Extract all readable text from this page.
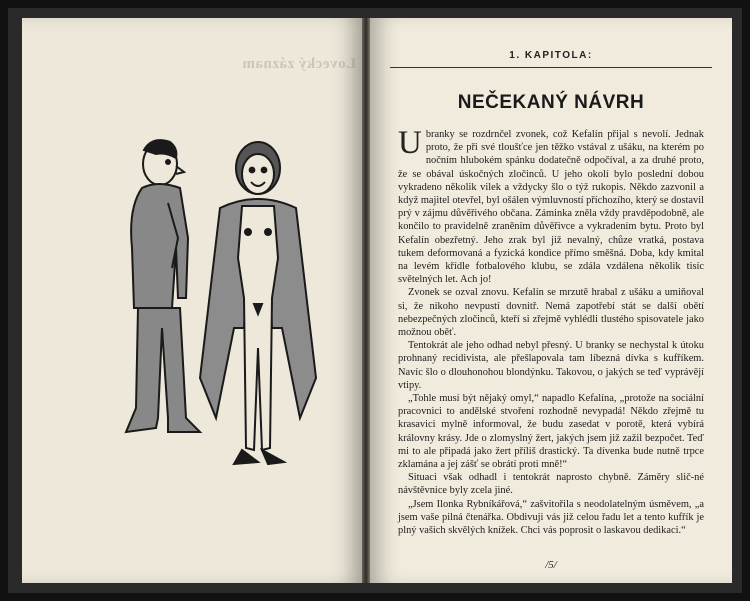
Lovecký záznam
1. KAPITOLA:
NEČEKANÝ NÁVRH

Ubranky se rozdrnčel zvonek, což Kefalín přijal s nevolí. Jednak proto, že při své tloušťce jen těžko vstával z ušáku, na kterém po nočním hlubokém spánku dodatečně odpočíval, a za druhé proto, že se obával úskočných zločinců. U jeho okolí bylo poslední dobou vykradeno několik vilek a vždycky šlo o týž rukopis. Někdo zazvonil a když majitel otevřel, byl ošálen výmluvností příchozího, který se dostavil prý v zájmu důvěřivého občana. Záminka zněla vždy pravděpodobně, ale končilo to pravidelně zraněním důvěřivce a vykradením bytu. Proto byl Kefalín obezřetný. Jeho zrak byl již nevalný, chůze vratká, postava tukem deformovaná a fyzická kondice přímo směšná. Doba, kdy kmital na levém křídle fotbalového klubu, se zdála vzdálena několik tisíc světelných let. Ach jo!

Zvonek se ozval znovu. Kefalín se mrzutě hrabal z ušáku a umiňoval si, že nikoho nevpustí dovnitř. Nemá zapotřebí stát se další obětí nebezpečných zločinců, kteří si zřejmě vyhlédli tlustého spisovatele jako možnou oběť.

Tentokrát ale jeho odhad nebyl přesný. U branky se nechystal k útoku prohnaný recidivista, ale přešlapovala tam líbezná dívka s kufříkem. Navíc šlo o dlouhonohou blondýnku. Takovou, o jakých se teď vyprávějí vtipy.

„Tohle musí být nějaký omyl,“ napadlo Kefalína, „protože na sociální pracovnici to andělské stvoření rozhodně nevypadá! Někdo zřejmě tu krasavici mylně informoval, že budu zasedat v porotě, která vybírá královny krásy. Jde o zlomyslný žert, jakých jsem již zažil bezpočet. Teď mi to ale připadá jako žert příliš drastický. Ta dívenka bude nutně trpce zklamána a jej zášť se obrátí proti mně!“

Situaci však odhadl i tentokrát naprosto chybně. Záměry slič-né návštěvnice byly zcela jiné.

„Jsem Ilonka Rybníkářová,“ zašvitořila s neodolatelným úsměvem, „a jsem vaše pilná čtenářka. Obdivuji vás již celou řadu let a tento kufřík je plný vašich skvělých knížek. Chci vás poprosit o laskavou dedikaci.“

/5/
